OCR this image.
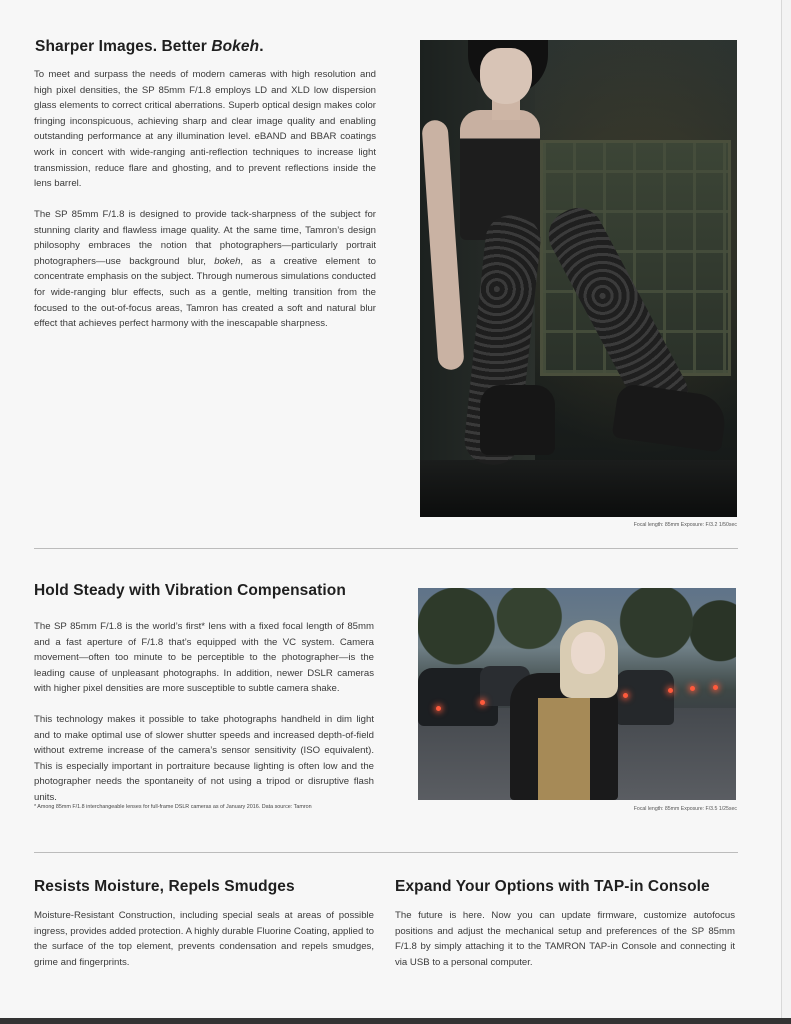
Sharper Images. Better Bokeh.

To meet and surpass the needs of modern cameras with high resolution and high pixel densities, the SP 85mm F/1.8 employs LD and XLD low dispersion glass elements to correct critical aberrations. Superb optical design makes color fringing inconspicuous, achieving sharp and clear image quality and enabling outstanding performance at any illumination level. eBAND and BBAR coatings work in concert with wide-ranging anti-reflection techniques to increase light transmission, reduce flare and ghosting, and to prevent reflections inside the lens barrel.

The SP 85mm F/1.8 is designed to provide tack-sharpness of the subject for stunning clarity and flawless image quality. At the same time, Tamron’s design philosophy embraces the notion that photographers—particularly portrait photographers—use background blur, bokeh, as a creative element to concentrate emphasis on the subject. Through numerous simulations conducted for wide-ranging blur effects, such as a gentle, melting transition from the focused to the out-of-focus areas, Tamron has created a soft and natural blur effect that achieves perfect harmony with the inescapable sharpness.

Focal length: 85mm Exposure: F/3.2 1/50sec
Hold Steady with Vibration Compensation

The SP 85mm F/1.8 is the world’s first* lens with a fixed focal length of 85mm and a fast aperture of F/1.8 that’s equipped with the VC system. Camera movement—often too minute to be perceptible to the photographer—is the leading cause of unpleasant photographs. In addition, newer DSLR cameras with higher pixel densities are more susceptible to subtle camera shake.

This technology makes it possible to take photographs handheld in dim light and to make optimal use of slower shutter speeds and increased depth-of-field without extreme increase of the camera’s sensor sensitivity (ISO equivalent). This is especially important in portraiture because lighting is often low and the photographer needs the spontaneity of not using a tripod or disruptive flash units.

* Among 85mm F/1.8 interchangeable lenses for full-frame DSLR cameras as of January 2016. Data source: Tamron	Focal length: 85mm Exposure: F/3.5 1/25sec
Resists Moisture, Repels Smudges

Moisture-Resistant Construction, including special seals at areas of possible ingress, provides added protection. A highly durable Fluorine Coating, applied to the surface of the top element, prevents condensation and repels smudges, grime and fingerprints.

Expand Your Options with TAP-in Console

The future is here. Now you can update firmware, customize autofocus positions and adjust the mechanical setup and preferences of the SP 85mm F/1.8 by simply attaching it to the TAMRON TAP-in Console and connecting it via USB to a personal computer.
